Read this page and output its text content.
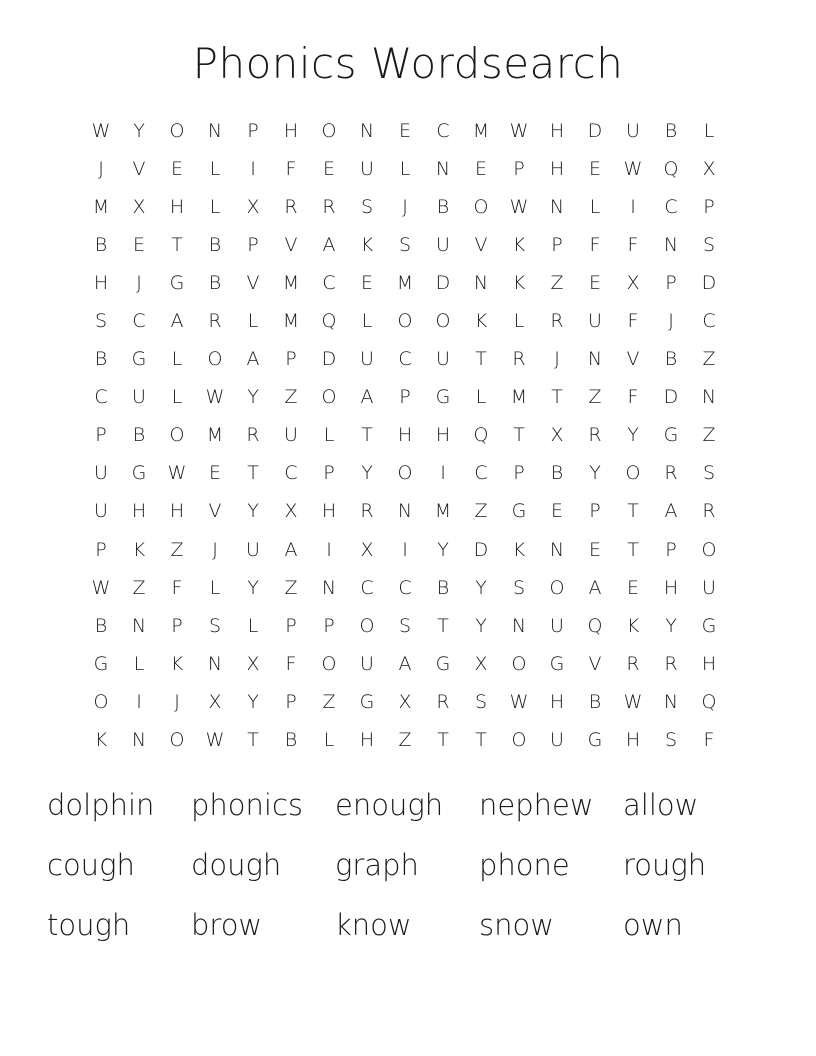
Phonics Wordsearch
W	Y	O	N	P	H	O	N	E	C	M	W	H	D	U	B	L
J	V	E	L	I	F	E	U	L	N	E	P	H	E	W	Q	X
M	X	H	L	X	R	R	S	J	B	O	W	N	L	I	C	P
B	E	T	B	P	V	A	K	S	U	V	K	P	F	F	N	S
H	J	G	B	V	M	C	E	M	D	N	K	Z	E	X	P	D
S	C	A	R	L	M	Q	L	O	O	K	L	R	U	F	J	C
B	G	L	O	A	P	D	U	C	U	T	R	J	N	V	B	Z
C	U	L	W	Y	Z	O	A	P	G	L	M	T	Z	F	D	N
P	B	O	M	R	U	L	T	H	H	Q	T	X	R	Y	G	Z
U	G	W	E	T	C	P	Y	O	I	C	P	B	Y	O	R	S
U	H	H	V	Y	X	H	R	N	M	Z	G	E	P	T	A	R
P	K	Z	J	U	A	I	X	I	Y	D	K	N	E	T	P	O
W	Z	F	L	Y	Z	N	C	C	B	Y	S	O	A	E	H	U
B	N	P	S	L	P	P	O	S	T	Y	N	U	Q	K	Y	G
G	L	K	N	X	F	O	U	A	G	X	O	G	V	R	R	H
O	I	J	X	Y	P	Z	G	X	R	S	W	H	B	W	N	Q
K	N	O	W	T	B	L	H	Z	T	T	O	U	G	H	S	F
dolphin	phonics	enough	nephew	allow
cough	dough	graph	phone	rough
tough	brow	know	snow	own
